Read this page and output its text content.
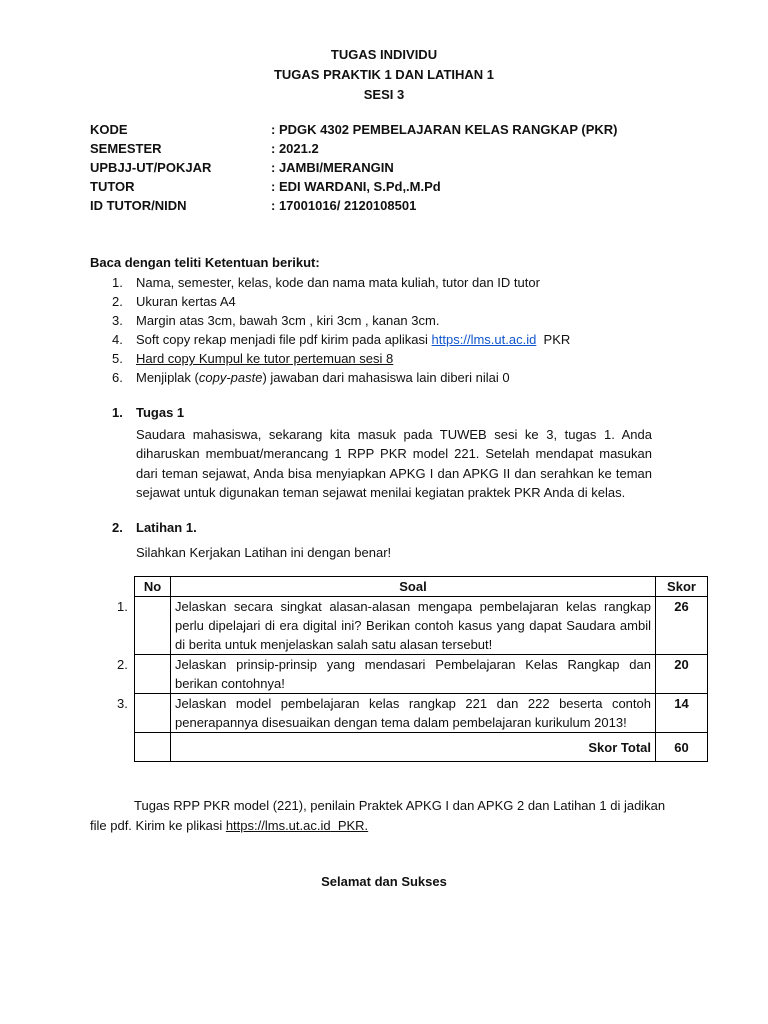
TUGAS INDIVIDU
TUGAS PRAKTIK 1 DAN LATIHAN 1
SESI 3
KODE	: PDGK 4302 PEMBELAJARAN KELAS RANGKAP (PKR)
SEMESTER	: 2021.2
UPBJJ-UT/POKJAR	: JAMBI/MERANGIN
TUTOR	: EDI WARDANI, S.Pd,.M.Pd
ID TUTOR/NIDN	: 17001016/ 2120108501
Baca dengan teliti Ketentuan berikut:
1. Nama, semester, kelas, kode dan nama mata kuliah, tutor dan ID tutor
2. Ukuran kertas A4
3. Margin atas 3cm, bawah 3cm , kiri 3cm , kanan 3cm.
4. Soft copy rekap menjadi file pdf kirim pada aplikasi https://lms.ut.ac.id  PKR
5. Hard copy Kumpul ke tutor pertemuan sesi 8
6. Menjiplak (copy-paste) jawaban dari mahasiswa lain diberi nilai 0
1. Tugas 1
Saudara mahasiswa, sekarang kita masuk pada TUWEB sesi ke 3, tugas 1. Anda diharuskan membuat/merancang 1 RPP PKR model 221. Setelah mendapat masukan dari teman sejawat, Anda bisa menyiapkan APKG I dan APKG II dan serahkan ke teman sejawat untuk digunakan teman sejawat menilai kegiatan praktek PKR Anda di kelas.
2. Latihan 1.
Silahkan Kerjakan Latihan ini dengan benar!
No	Soal	Skor

1.	Jelaskan secara singkat alasan-alasan mengapa pembelajaran kelas rangkap perlu dipelajari di era digital ini? Berikan contoh kasus yang dapat Saudara ambil di berita untuk menjelaskan salah satu alasan tersebut!	26

2.	Jelaskan prinsip-prinsip yang mendasari Pembelajaran Kelas Rangkap dan berikan contohnya!	20

3.	Jelaskan model pembelajaran kelas rangkap 221 dan 222 beserta contoh penerapannya disesuaikan dengan tema dalam pembelajaran kurikulum 2013!	14
	Skor Total	60
Tugas RPP PKR model (221), penilain Praktek APKG I dan APKG 2 dan Latihan 1 di jadikan file pdf. Kirim ke plikasi https://lms.ut.ac.id  PKR.
Selamat dan Sukses
